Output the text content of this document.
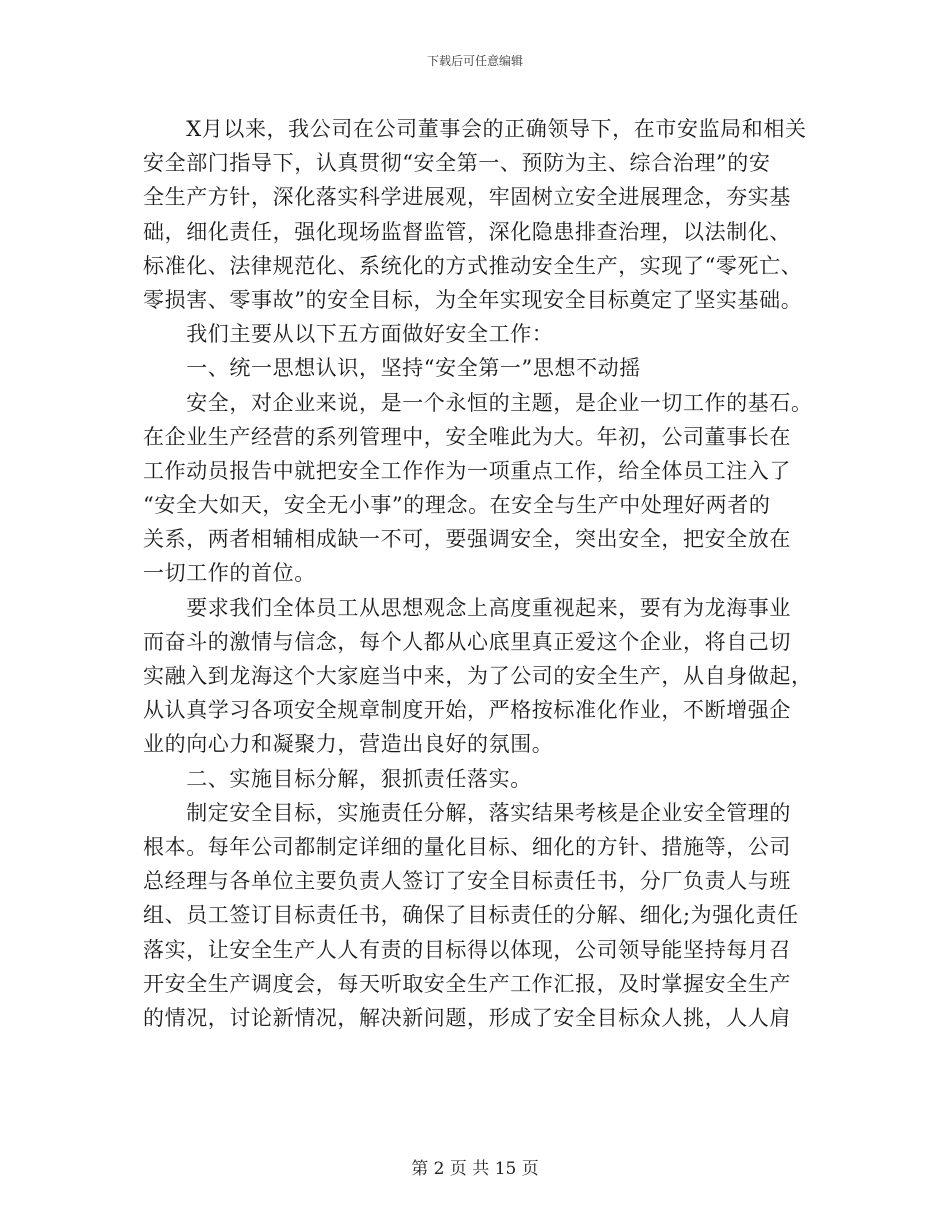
下载后可任意编辑
　　X月以来，我公司在公司董事会的正确领导下，在市安监局和相关
安全部门指导下，认真贯彻“安全第一、预防为主、综合治理”的安
全生产方针，深化落实科学进展观，牢固树立安全进展理念，夯实基
础，细化责任，强化现场监督监管，深化隐患排查治理，以法制化、
标准化、法律规范化、系统化的方式推动安全生产，实现了“零死亡、
零损害、零事故”的安全目标，为全年实现安全目标奠定了坚实基础。
　　我们主要从以下五方面做好安全工作：
　　一、统一思想认识，坚持“安全第一”思想不动摇
　　安全，对企业来说，是一个永恒的主题，是企业一切工作的基石。
在企业生产经营的系列管理中，安全唯此为大。年初，公司董事长在
工作动员报告中就把安全工作作为一项重点工作，给全体员工注入了
“安全大如天，安全无小事”的理念。在安全与生产中处理好两者的
关系，两者相辅相成缺一不可，要强调安全，突出安全，把安全放在
一切工作的首位。
　　要求我们全体员工从思想观念上高度重视起来，要有为龙海事业
而奋斗的激情与信念，每个人都从心底里真正爱这个企业，将自己切
实融入到龙海这个大家庭当中来，为了公司的安全生产，从自身做起，
从认真学习各项安全规章制度开始，严格按标准化作业，不断增强企
业的向心力和凝聚力，营造出良好的氛围。
　　二、实施目标分解，狠抓责任落实。
　　制定安全目标，实施责任分解，落实结果考核是企业安全管理的
根本。每年公司都制定详细的量化目标、细化的方针、措施等，公司
总经理与各单位主要负责人签订了安全目标责任书，分厂负责人与班
组、员工签订目标责任书，确保了目标责任的分解、细化;为强化责任
落实，让安全生产人人有责的目标得以体现，公司领导能坚持每月召
开安全生产调度会，每天听取安全生产工作汇报，及时掌握安全生产
的情况，讨论新情况，解决新问题，形成了安全目标众人挑，人人肩
第 2 页 共 15 页
